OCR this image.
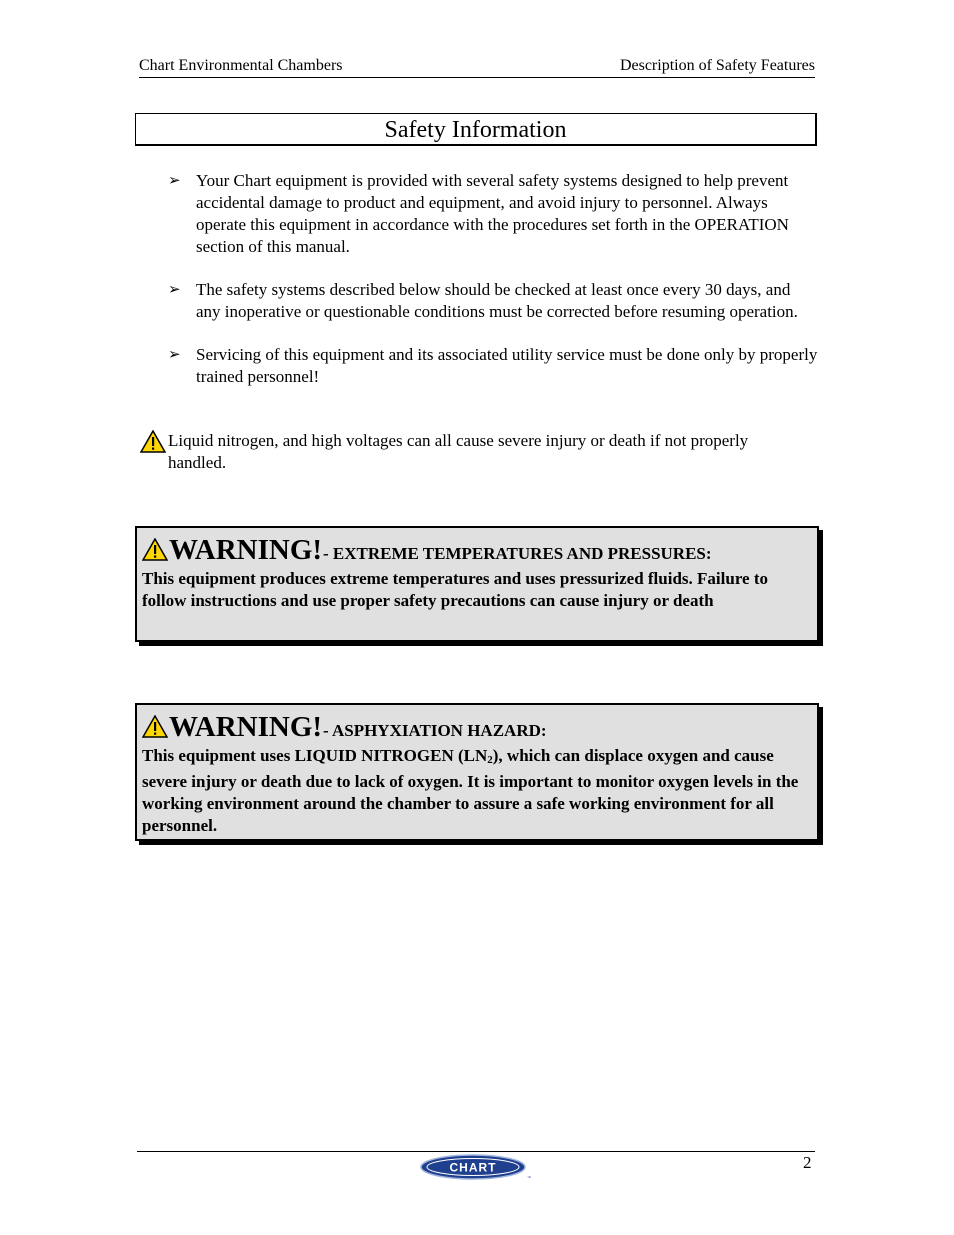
Chart Environmental Chambers	Description of Safety Features
Safety Information
➢ Your Chart equipment is provided with several safety systems designed to help prevent accidental damage to product and equipment, and avoid injury to personnel. Always operate this equipment in accordance with the procedures set forth in the OPERATION section of this manual.
➢ The safety systems described below should be checked at least once every 30 days, and any inoperative or questionable conditions must be corrected before resuming operation.
➢ Servicing of this equipment and its associated utility service must be done only by properly trained personnel!
Liquid nitrogen, and high voltages can all cause severe injury or death if not properly handled.
WARNING! - EXTREME TEMPERATURES AND PRESSURES:
This equipment produces extreme temperatures and uses pressurized fluids. Failure to follow instructions and use proper safety precautions can cause injury or death
WARNING! - ASPHYXIATION HAZARD:
This equipment uses LIQUID NITROGEN $(LN_2)$, which can displace oxygen and cause severe injury or death due to lack of oxygen. It is important to monitor oxygen levels in the working environment around the chamber to assure a safe working environment for all personnel.
CHART
™
2
